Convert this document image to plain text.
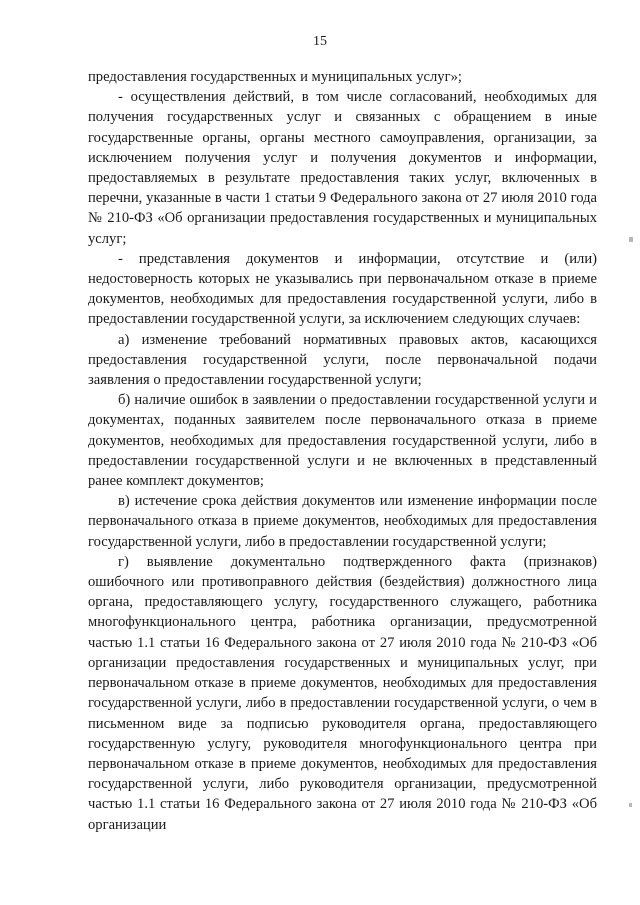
15

предоставления государственных и муниципальных услуг»;

- осуществления действий, в том числе согласований, необходимых для получения государственных услуг и связанных с обращением в иные государственные органы, органы местного самоуправления, организации, за исключением получения услуг и получения документов и информации, предоставляемых в результате предоставления таких услуг, включенных в перечни, указанные в части 1 статьи 9 Федерального закона от 27 июля 2010 года № 210-ФЗ «Об организации предоставления государственных и муниципальных услуг;

- представления документов и информации, отсутствие и (или) недостоверность которых не указывались при первоначальном отказе в приеме документов, необходимых для предоставления государственной услуги, либо в предоставлении государственной услуги, за исключением следующих случаев:

а) изменение требований нормативных правовых актов, касающихся предоставления государственной услуги, после первоначальной подачи заявления о предоставлении государственной услуги;

б) наличие ошибок в заявлении о предоставлении государственной услуги и документах, поданных заявителем после первоначального отказа в приеме документов, необходимых для предоставления государственной услуги, либо в предоставлении государственной услуги и не включенных в представленный ранее комплект документов;

в) истечение срока действия документов или изменение информации после первоначального отказа в приеме документов, необходимых для предоставления государственной услуги, либо в предоставлении государственной услуги;

г) выявление документально подтвержденного факта (признаков) ошибочного или противоправного действия (бездействия) должностного лица органа, предоставляющего услугу, государственного служащего, работника многофункционального центра, работника организации, предусмотренной частью 1.1 статьи 16 Федерального закона от 27 июля 2010 года № 210-ФЗ «Об организации предоставления государственных и муниципальных услуг, при первоначальном отказе в приеме документов, необходимых для предоставления государственной услуги, либо в предоставлении государственной услуги, о чем в письменном виде за подписью руководителя органа, предоставляющего государственную услугу, руководителя многофункционального центра при первоначальном отказе в приеме документов, необходимых для предоставления государственной услуги, либо руководителя организации, предусмотренной частью 1.1 статьи 16 Федерального закона от 27 июля 2010 года № 210-ФЗ «Об организации
